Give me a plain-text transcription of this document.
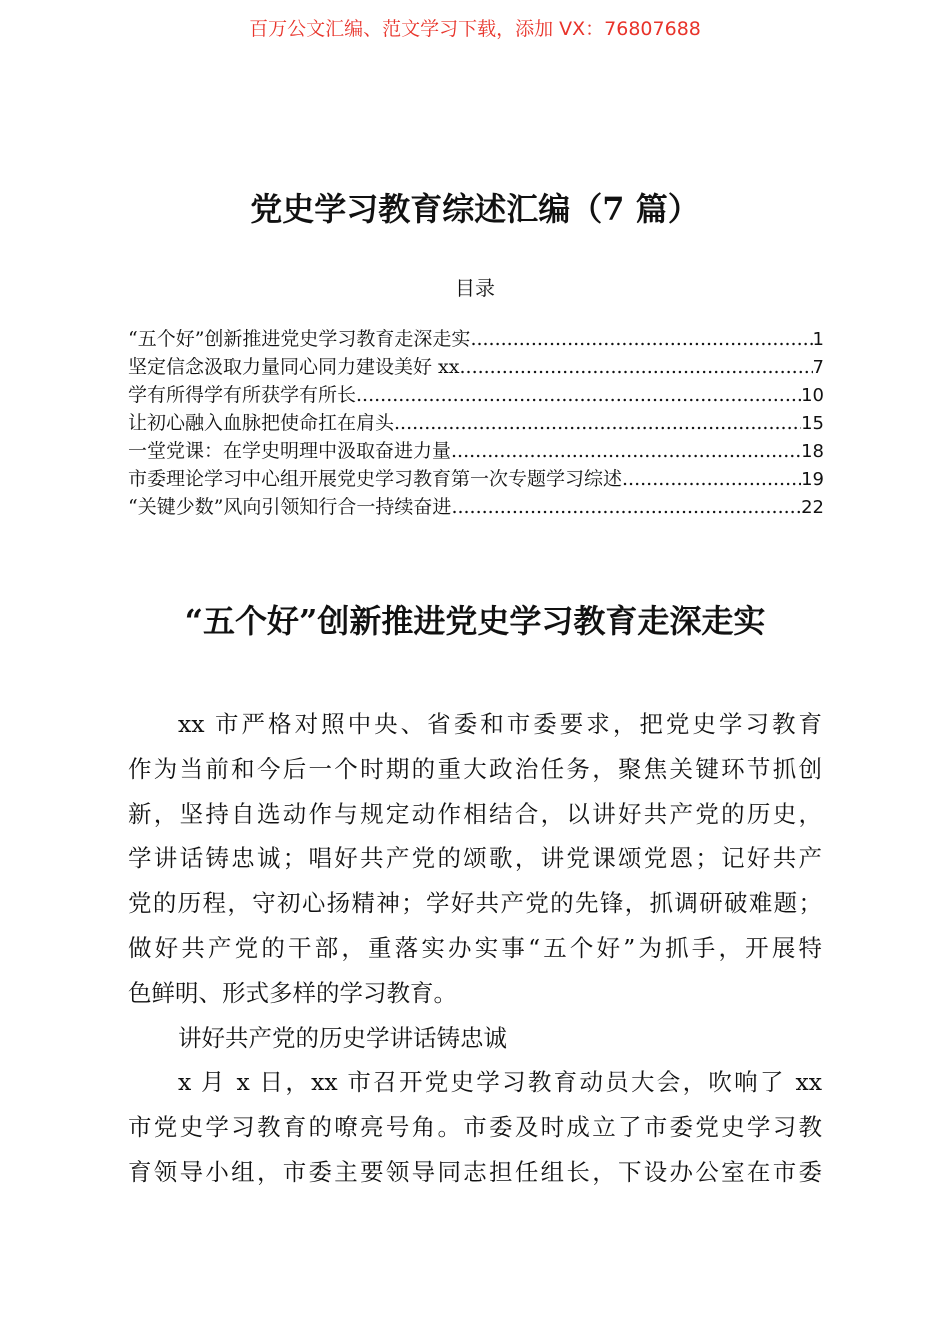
百万公文汇编、范文学习下载，添加 VX：76807688
党史学习教育综述汇编（7 篇）
目录
“五个好”创新推进党史学习教育走深走实 .....	1
坚定信念汲取力量同心同力建设美好 xx .....	7
学有所得学有所获学有所长 .....	10
让初心融入血脉把使命扛在肩头 .....	15
一堂党课：在学史明理中汲取奋进力量 .....	18
市委理论学习中心组开展党史学习教育第一次专题学习综述 .....	19
“关键少数”风向引领知行合一持续奋进 .....	22
“五个好”创新推进党史学习教育走深走实
xx 市严格对照中央、省委和市委要求，把党史学习教育
作为当前和今后一个时期的重大政治任务，聚焦关键环节抓创
新，坚持自选动作与规定动作相结合，以讲好共产党的历史，
学讲话铸忠诚；唱好共产党的颂歌，讲党课颂党恩；记好共产
党的历程，守初心扬精神；学好共产党的先锋，抓调研破难题；
做好共产党的干部，重落实办实事“五个好”为抓手，开展特
色鲜明、形式多样的学习教育。
讲好共产党的历史学讲话铸忠诚
x 月 x 日，xx 市召开党史学习教育动员大会，吹响了 xx
市党史学习教育的嘹亮号角。市委及时成立了市委党史学习教
育领导小组，市委主要领导同志担任组长，下设办公室在市委
